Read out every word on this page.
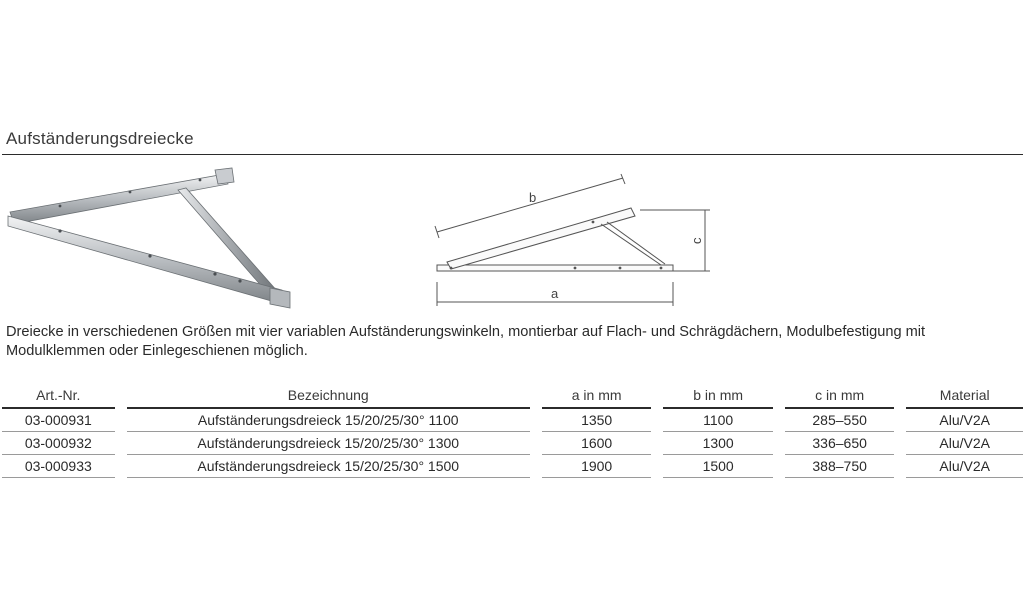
Aufständerungsdreiecke
b
c
a
Dreiecke in verschiedenen Größen mit vier variablen Aufständerungswinkeln, montierbar auf Flach- und Schrägdächern, Modulbefestigung mit Modulklemmen oder Einlegeschienen möglich.
Art.-Nr.	Bezeichnung	a in mm	b in mm	c in mm	Material
03-000931	Aufständerungsdreieck 15/20/25/30° 1100	1350	1100	285–550	Alu/V2A
03-000932	Aufständerungsdreieck 15/20/25/30° 1300	1600	1300	336–650	Alu/V2A
03-000933	Aufständerungsdreieck 15/20/25/30° 1500	1900	1500	388–750	Alu/V2A
